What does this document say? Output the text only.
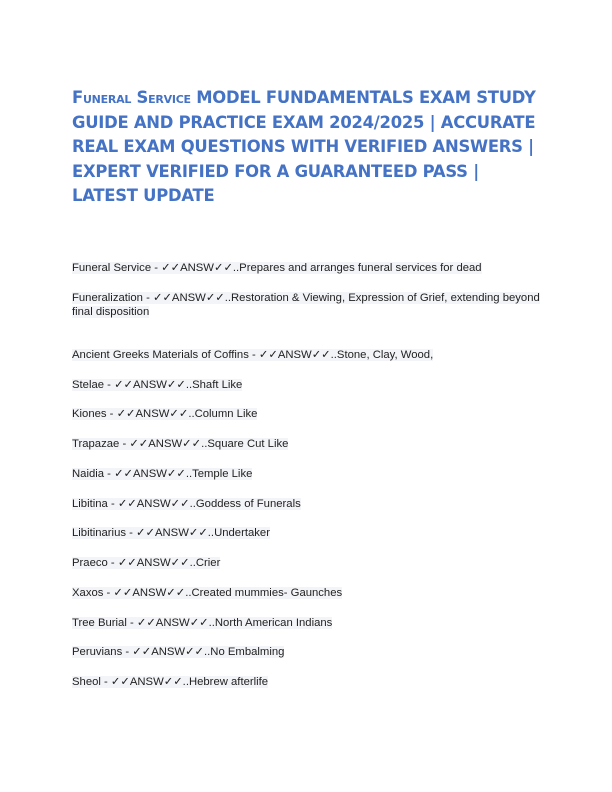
Funeral Service MODEL FUNDAMENTALS EXAM STUDY GUIDE AND PRACTICE EXAM 2024/2025 | ACCURATE REAL EXAM QUESTIONS WITH VERIFIED ANSWERS | EXPERT VERIFIED FOR A GUARANTEED PASS | LATEST UPDATE
Funeral Service - ✓✓ANSW✓✓..Prepares and arranges funeral services for dead
Funeralization - ✓✓ANSW✓✓..Restoration & Viewing, Expression of Grief, extending beyond final disposition
Ancient Greeks Materials of Coffins - ✓✓ANSW✓✓..Stone, Clay, Wood,
Stelae - ✓✓ANSW✓✓..Shaft Like
Kiones - ✓✓ANSW✓✓..Column Like
Trapazae - ✓✓ANSW✓✓..Square Cut Like
Naidia - ✓✓ANSW✓✓..Temple Like
Libitina - ✓✓ANSW✓✓..Goddess of Funerals
Libitinarius - ✓✓ANSW✓✓..Undertaker
Praeco - ✓✓ANSW✓✓..Crier
Xaxos - ✓✓ANSW✓✓..Created mummies- Gaunches
Tree Burial - ✓✓ANSW✓✓..North American Indians
Peruvians - ✓✓ANSW✓✓..No Embalming
Sheol - ✓✓ANSW✓✓..Hebrew afterlife
